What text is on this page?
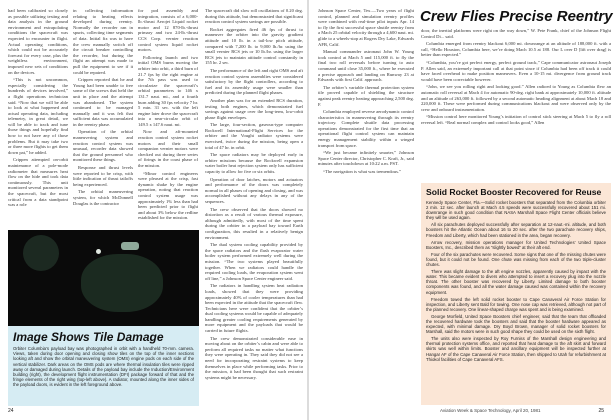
had been calibrated so closely as possible utilizing testing and data analysis in the ground environment and extrapolating conditions the spacecraft was expected to encounter in flight. Actual operating conditions, which could not be accurately forecast for every case, plus the weightless environment, imposed new sets of conditions on the devices.

“This is not uncommon, especially considering the hundreds of devices involved,” a flight operations technician said. “Now that we will be able to look at what happened and actual operating data, including telemetry, in great detail, we will be able to track and tune those things and hopefully find how to not have any of those problems. But it may take two or three more flights to get them down pat,” he added.

Crippen attempted on-orbit maintenance of a pole-mode radiometer that measures heat flow on the hide and took data continuously. This unit monitored several parameters in the spacecraft, but the most critical from a data standpoint was a role

in collecting information relating to heating effects developed during reentry. Normally the recorder ran in spurts, collecting time segments of data. Initial fix was to have the crew manually switch off the circuit breaker controlling the recorder, but during the flight an attempt was made to pull the equipment to see if it could be repaired.

Crippen reported that he and Young had been unable to free some of the screws that held the unit in place and the attempt was abandoned. The system continued to be managed manually and it was felt that sufficient data was accumulated in the reentry phase.

Operation of the orbital maneuvering system and reaction control system was unusual, recorder data showed that the ground personnel who monitored these things.

Response and thrust levels were reported to be crisp, with little indication of thrust tailoffs being experienced.

The orbital maneuvering system, for which McDonnell Douglas is the contractor

for pod assembly and integration, consists of a 6,000-lb.-thrust Aerojet Liquid rocket motor and 12 870-lb.-thrust primary and two 24-lb.-thrust CCS Corp. vernier reaction control system liquid rocket motors.

Following launch and two initial OMS burns moving the orbiter into orbit, a third burn of 21.7 fps by the right engine at the 7th pass was used to circularize the spacecraft’s orbital parameters to 146 x 131.7 naut. mi., and a fourth burn adding 30 fps velocity 7 hr. 5 min. 31 sec. with the left engine later drove the spacecraft into a near-circular orbit of 149.5 x 147.6 naut. mi.

Now and aft-mounted reaction control system rocket motors and their small companion vernier motors were checked out during three series of firings in the coast phase of the mission.

“Minor control engineers were pleased at the crisp, fast dynamic shake by the engine operation, noting that reaction control system usage was approximately 1% less than had been predicted prior to flight and about 3% below the redline established for the mission.

The spacecraft did slow roll oscillations of 0.20 deg. during this attitude, but demonstrated that significant reaction control system savings are possible.

Rocket aggregates fired 46 fps of thrust to maneuver the orbiter into the gravity gradient attitude and 10 lb. in a tail-low pitch attitude, compared with 7,200 lb. to 9,000 lb./hr. using the small vernier RCS jets or 10 lb./hr. using the larger RCS jets to maintain attitude control constantly in 155 hr. 2 sec.

The performance of the left and right OMS and aft reaction control system assemblies were considered satisfactory by the flight controllers, according to fuel and its assembly usage were smaller than predicted during the planned flight phases.

Another plan was for an extended RCS duration, testing both engines, which demonstrated fuel savings against usage over the long-term, low-orbit phase flight envelopes.

The large, four-section, gaseous-type computer Rockwell International-Flight Services for the orbiter and the Vought radiator systems were exercised, twice during the mission, being open a total of 47 hr. in orbit.

The space radiators may be deployed early in orbiter missions because the Rockwell expansion water boiler heat rejection system only has sufficient capacity to allow for five or six orbits.

Operation of door latches, motors and actuators and performance of the doors was completely normal in all phases of opening and closing, and was accomplished without any delays in any of the sequences.

The crew observed that the doors showed no distortion as a result of various thermal exposure, although admittedly, with most of the time spent during the orbiter in a payload bay toward Earth configuration, this resulted in a relatively benign environment.

The dual system cooling capability provided by the space radiators and the flash evaporator water boiler system performed extremely well during the mission. “The two systems played beautifully together. When we radiators could handle the required cooling loads, the evaporation system went off line,” a Johnson Space Center engineer said.

The radiators in handling system heat radiation loads, showed that they were providing approximately 40% of cooler temperatures than had been expected in the attitude that the spacecraft flew. Technicians here were confident that the orbiter’s dual cooling systems would be capable of adequately handling greater cooling requirements generated by more equipment and the payloads that would be carried in future flights.

The crew demonstrated considerable ease in moving about on the orbiter’s cabin and were able to perform all required tasks no matter what functions they were operating in. They said they did not see a need for incorporating restraint systems to keep themselves in place while performing tasks. Prior to the mission, it had been thought that such restraint systems might be necessary.

Image Shows Tile Damage

Orbiter Columbia’s payload bay was photographed in orbit with a handheld 70-mm. camera. Views, taken during door opening and closing show tiles on the top of the inner sections looking aft and show the orbital maneuvering system (OMS) engine pods on each side of the vertical stabilizer. Dark areas on the OMS pods are where thermal insulation tiles were ripped away or damaged during launch. Details of the payload bay include the Induction/Environment building (right), the development flight instrumentation (DFI) package forward of that and the fringe elements of the right wing (top-left above). A radiator, mounted along the inner sides of the payload doors, is evident in the left foreground above.

24

Johnson Space Center, Tex.—Two years of flight control, planned and simulation reentry profiles were combined with real-time pilot inputs Apr. 14 to fly the first successful space shuttle reentry from a Mach 25 orbital velocity through a 4,600 naut. mi. glide to a wheels-stop at Rogers Dry Lake, Edwards AFB, Calif.

Manual commander astronaut John W. Young took control at Mach 5 and 115,000 ft. to fly the final two roll reversals before turning to auto command until close 35,000 ft., where he executed a precise approach and landing on Runway 23 at Edwards with first Calif. approach.

The orbiter’s variable thermal protection system tile proved capable of shielding the structure against peak reentry heating approaching 2,500 deg. F.

Columbia employed reverse aerodynamic control characteristics in maneuvering through its reentry trajectory. Complete shuttle data processing operations demonstrated for the first time that an operational flight control system can maintain energy management stability within a winged transport from space.

“We just became infinitely smarter,” Johnson Space Center director, Christopher C. Kraft, Jr., said minutes after touchdown at 10:22 a.m. PST.

“The navigation is what was tremendous.”

Crew Flies Precise Reentry

door, the inertial platforms were right on the way down,” W. Pete Frank, chief of the Johnson Flight Control Di... said.

Columbia emerged from reentry blackout 6,000 mi. downrange at an altitude of 188,000 ft. with a call, “Hello Houston, Columbia here, we’re doing Mach 10.5 at 188. Our L over D [lift over drag] is better than expected.”

“Columbia, you’re got perfect energy, perfect ground track,” Cape communicator astronaut Joseph P. Allen said, an extremely important call at that point since if Columbia had been off track it could have faced overhead to make position maneuvers. Even a 10-15 mi. divergence from ground track would have been correctable however.

“John, we see you rolling right and looking good.” Allen radioed to Young as Columbia flew an automatic roll reversal at Mach 4 for automatic 90-deg. right bank at approximately 10,000 ft. altitude and an altitude of 263,000 ft. followed by a second automatic heading alignment at about Mach 18 and 220,000 ft. These were performed during communications blackout and were observed only by the crew and onboard instrumentation.

“Mission control here monitored Young’s initiation of control stick steering at Mach 5 to fly a roll reversal left. “Real normal complex and control looks good,” Allen

Solid Rocket Booster Recovered for Reuse

Kennedy Space Center, Fla.—Solid rocket boosters that separated from the Columbia orbiter 2 min. 12 sec. after launch at Mach 4.5 speeds were successfully recovered about 151 mi. downrange in such good condition that NASA Marshall Space Flight Center officials believe they will be used again.

All six parachutes deployed successfully after separation at 12-naut.-mi. altitude, and both boosters hit the Atlantic Ocean about 16 to 20 sec. after the two parachute recovery ships, Freedom and Liberty, which had been stationed in the area, began recovery.

Arrow recovery, mission operations manager for United Technologies’ United Space Boosters, Inc., described them as “slightly bowed” at their aft end.

Four of the six parachutes were recovered. Some signs that one of the missing chutes were found, but it could not be found. One chute was missing from each of the two triple-cluster chutes.

There was slight damage to the aft engine nozzles, apparently caused by impact with the water. This became evident to divers who attempted to insert a recovery plug into the nozzle throat. The other booster was recovered by Liberty. Limited damage to both booster components was found, and all the water damage caused was contained within the recovery equipment.

Freedom towed the left solid rocket booster to Cape Canaveral Air Force Station for inspection, and Liberty sent Bald for towing. One nose cap was retrieved, although not part of the planned recovery. One linear-shaped charge was spent and is being examined.

George Morfield, United Space Boosters chief engineer, said that the team that offloaded the recovered hardware took the boosters and said that the booster hardware appeared as expected, with minimal damage. Dry Boyd Brown, manager of solid rocket boosters for Marshall, said the motors were in such good shape they could be used on the sixth flight.

The units also were inspected by Roy Furniss of the Marshall design engineering and thermal protection systems office, and reported that heat damage to the aft skirt and forward skirts was well within limits. Booster and ancillary equipment will be inspected further at Hangar AF of the Cape Canaveral Air Force Station, then shipped to Utah for refurbishment at Thiokol facilities of Cape Canaveral AFS.

Aviation Week & Space Technology, April 20, 1981	25
